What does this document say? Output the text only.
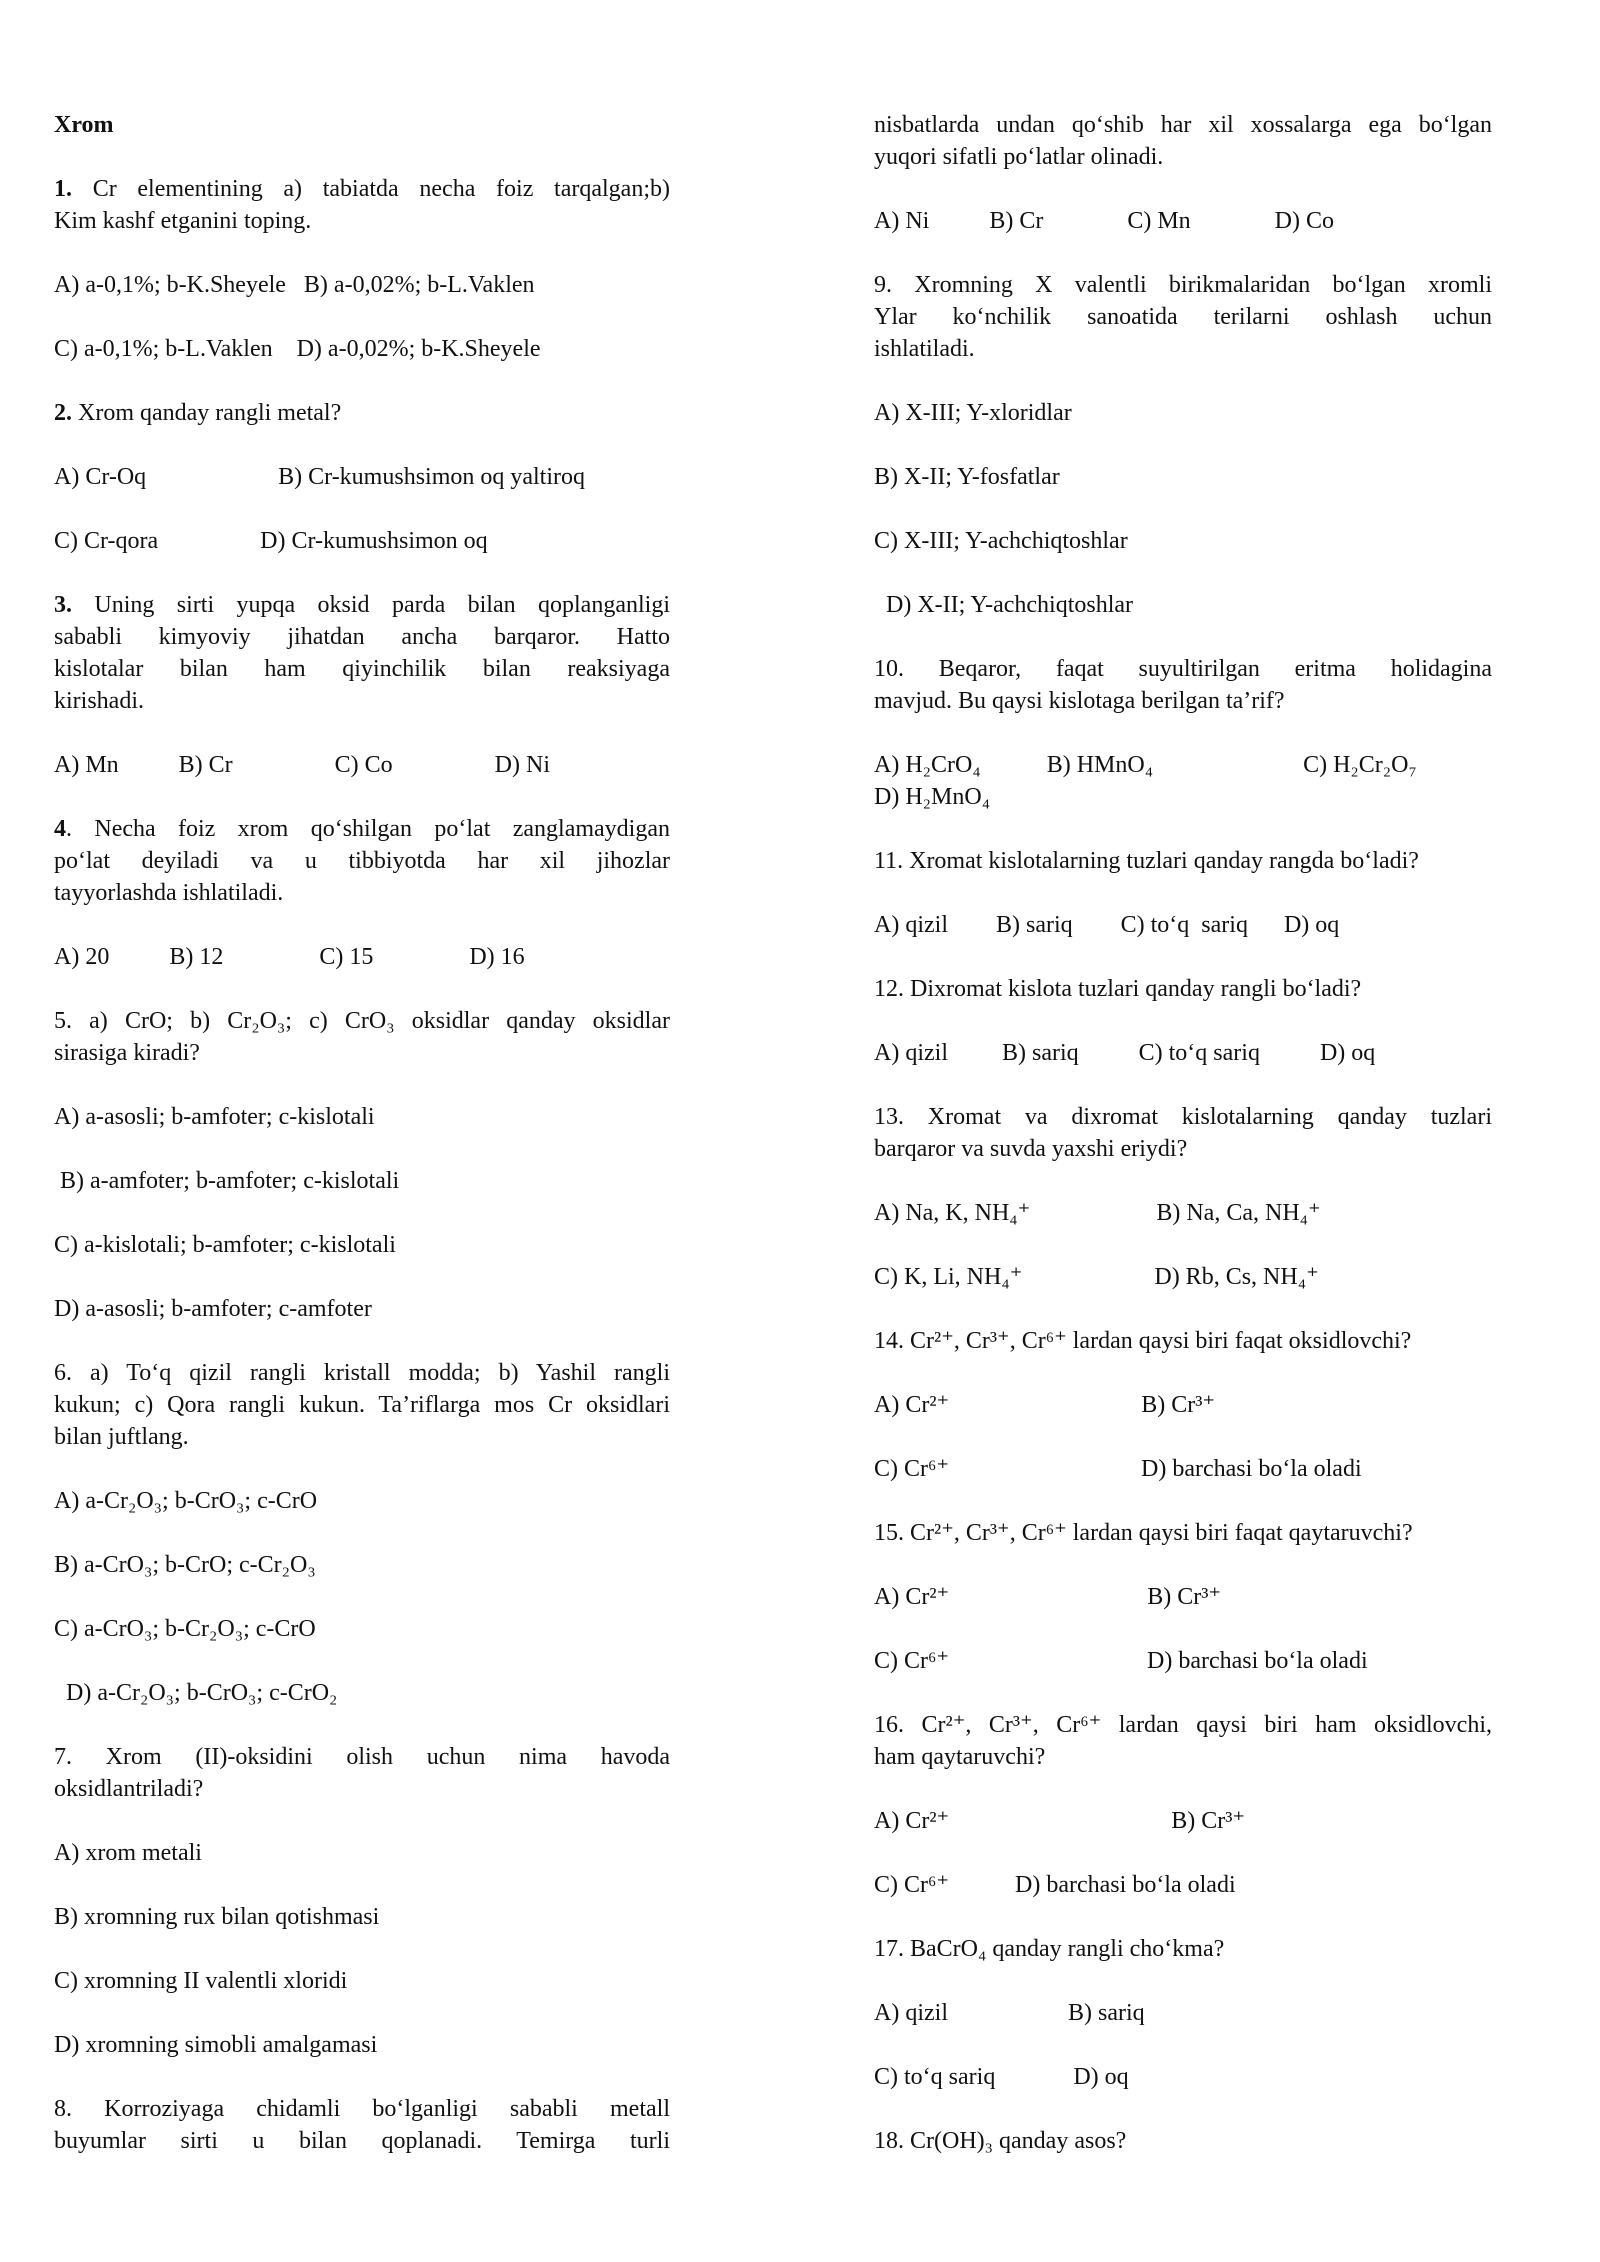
Xrom
1. Cr elementining a) tabiatda necha foiz tarqalgan;b)
Kim kashf etganini toping.
A) a-0,1%; b-K.Sheyele   B) a-0,02%; b-L.Vaklen
C) a-0,1%; b-L.Vaklen    D) a-0,02%; b-K.Sheyele
2. Xrom qanday rangli metal?
A) Cr-Oq                      B) Cr-kumushsimon oq yaltiroq
C) Cr-qora                 D) Cr-kumushsimon oq
3. Uning sirti yupqa oksid parda bilan qoplanganligi
sababli kimyoviy jihatdan ancha barqaror. Hatto
kislotalar bilan ham qiyinchilik bilan reaksiyaga
kirishadi.
A) Mn          B) Cr                 C) Co                 D) Ni
4. Necha foiz xrom qo‘shilgan po‘lat zanglamaydigan
po‘lat deyiladi va u tibbiyotda har xil jihozlar
tayyorlashda ishlatiladi.
A) 20          B) 12                C) 15                D) 16
5. a) CrO; b) Cr₂O₃; c) CrO₃ oksidlar qanday oksidlar
sirasiga kiradi?
A) a-asosli; b-amfoter; c-kislotali
B) a-amfoter; b-amfoter; c-kislotali
C) a-kislotali; b-amfoter; c-kislotali
D) a-asosli; b-amfoter; c-amfoter
6. a) To‘q qizil rangli kristall modda; b) Yashil rangli
kukun; c) Qora rangli kukun. Ta’riflarga mos Cr oksidlari
bilan juftlang.
A) a-Cr₂O₃; b-CrO₃; c-CrO
B) a-CrO₃; b-CrO; c-Cr₂O₃
C) a-CrO₃; b-Cr₂O₃; c-CrO
D) a-Cr₂O₃; b-CrO₃; c-CrO₂
7. Xrom (II)-oksidini olish uchun nima havoda
oksidlantriladi?
A) xrom metali
B) xromning rux bilan qotishmasi
C) xromning II valentli xloridi
D) xromning simobli amalgamasi
8. Korroziyaga chidamli bo‘lganligi sababli metall
buyumlar sirti u bilan qoplanadi. Temirga turli
nisbatlarda undan qo‘shib har xil xossalarga ega bo‘lgan
yuqori sifatli po‘latlar olinadi.
A) Ni          B) Cr              C) Mn              D) Co
9. Xromning X valentli birikmalaridan bo‘lgan xromli
Ylar ko‘nchilik sanoatida terilarni oshlash uchun
ishlatiladi.
A) X-III; Y-xloridlar
B) X-II; Y-fosfatlar
C) X-III; Y-achchiqtoshlar
D) X-II; Y-achchiqtoshlar
10. Beqaror, faqat suyultirilgan eritma holidagina
mavjud. Bu qaysi kislotaga berilgan ta’rif?
A) H₂CrO₄           B) HMnO₄                         C) H₂Cr₂O₇
D) H₂MnO₄
11. Xromat kislotalarning tuzlari qanday rangda bo‘ladi?
A) qizil        B) sariq        C) to‘q  sariq      D) oq
12. Dixromat kislota tuzlari qanday rangli bo‘ladi?
A) qizil         B) sariq          C) to‘q sariq          D) oq
13. Xromat va dixromat kislotalarning qanday tuzlari
barqaror va suvda yaxshi eriydi?
A) Na, K, NH₄⁺                     B) Na, Ca, NH₄⁺
C) K, Li, NH₄⁺                      D) Rb, Cs, NH₄⁺
14. Cr²⁺, Cr³⁺, Cr⁶⁺ lardan qaysi biri faqat oksidlovchi?
A) Cr²⁺                                B) Cr³⁺
C) Cr⁶⁺                                D) barchasi bo‘la oladi
15. Cr²⁺, Cr³⁺, Cr⁶⁺ lardan qaysi biri faqat qaytaruvchi?
A) Cr²⁺                                 B) Cr³⁺
C) Cr⁶⁺                                 D) barchasi bo‘la oladi
16. Cr²⁺, Cr³⁺, Cr⁶⁺ lardan qaysi biri ham oksidlovchi,
ham qaytaruvchi?
A) Cr²⁺                                     B) Cr³⁺
C) Cr⁶⁺           D) barchasi bo‘la oladi
17. BaCrO₄ qanday rangli cho‘kma?
A) qizil                    B) sariq
C) to‘q sariq             D) oq
18. Cr(OH)₃ qanday asos?
